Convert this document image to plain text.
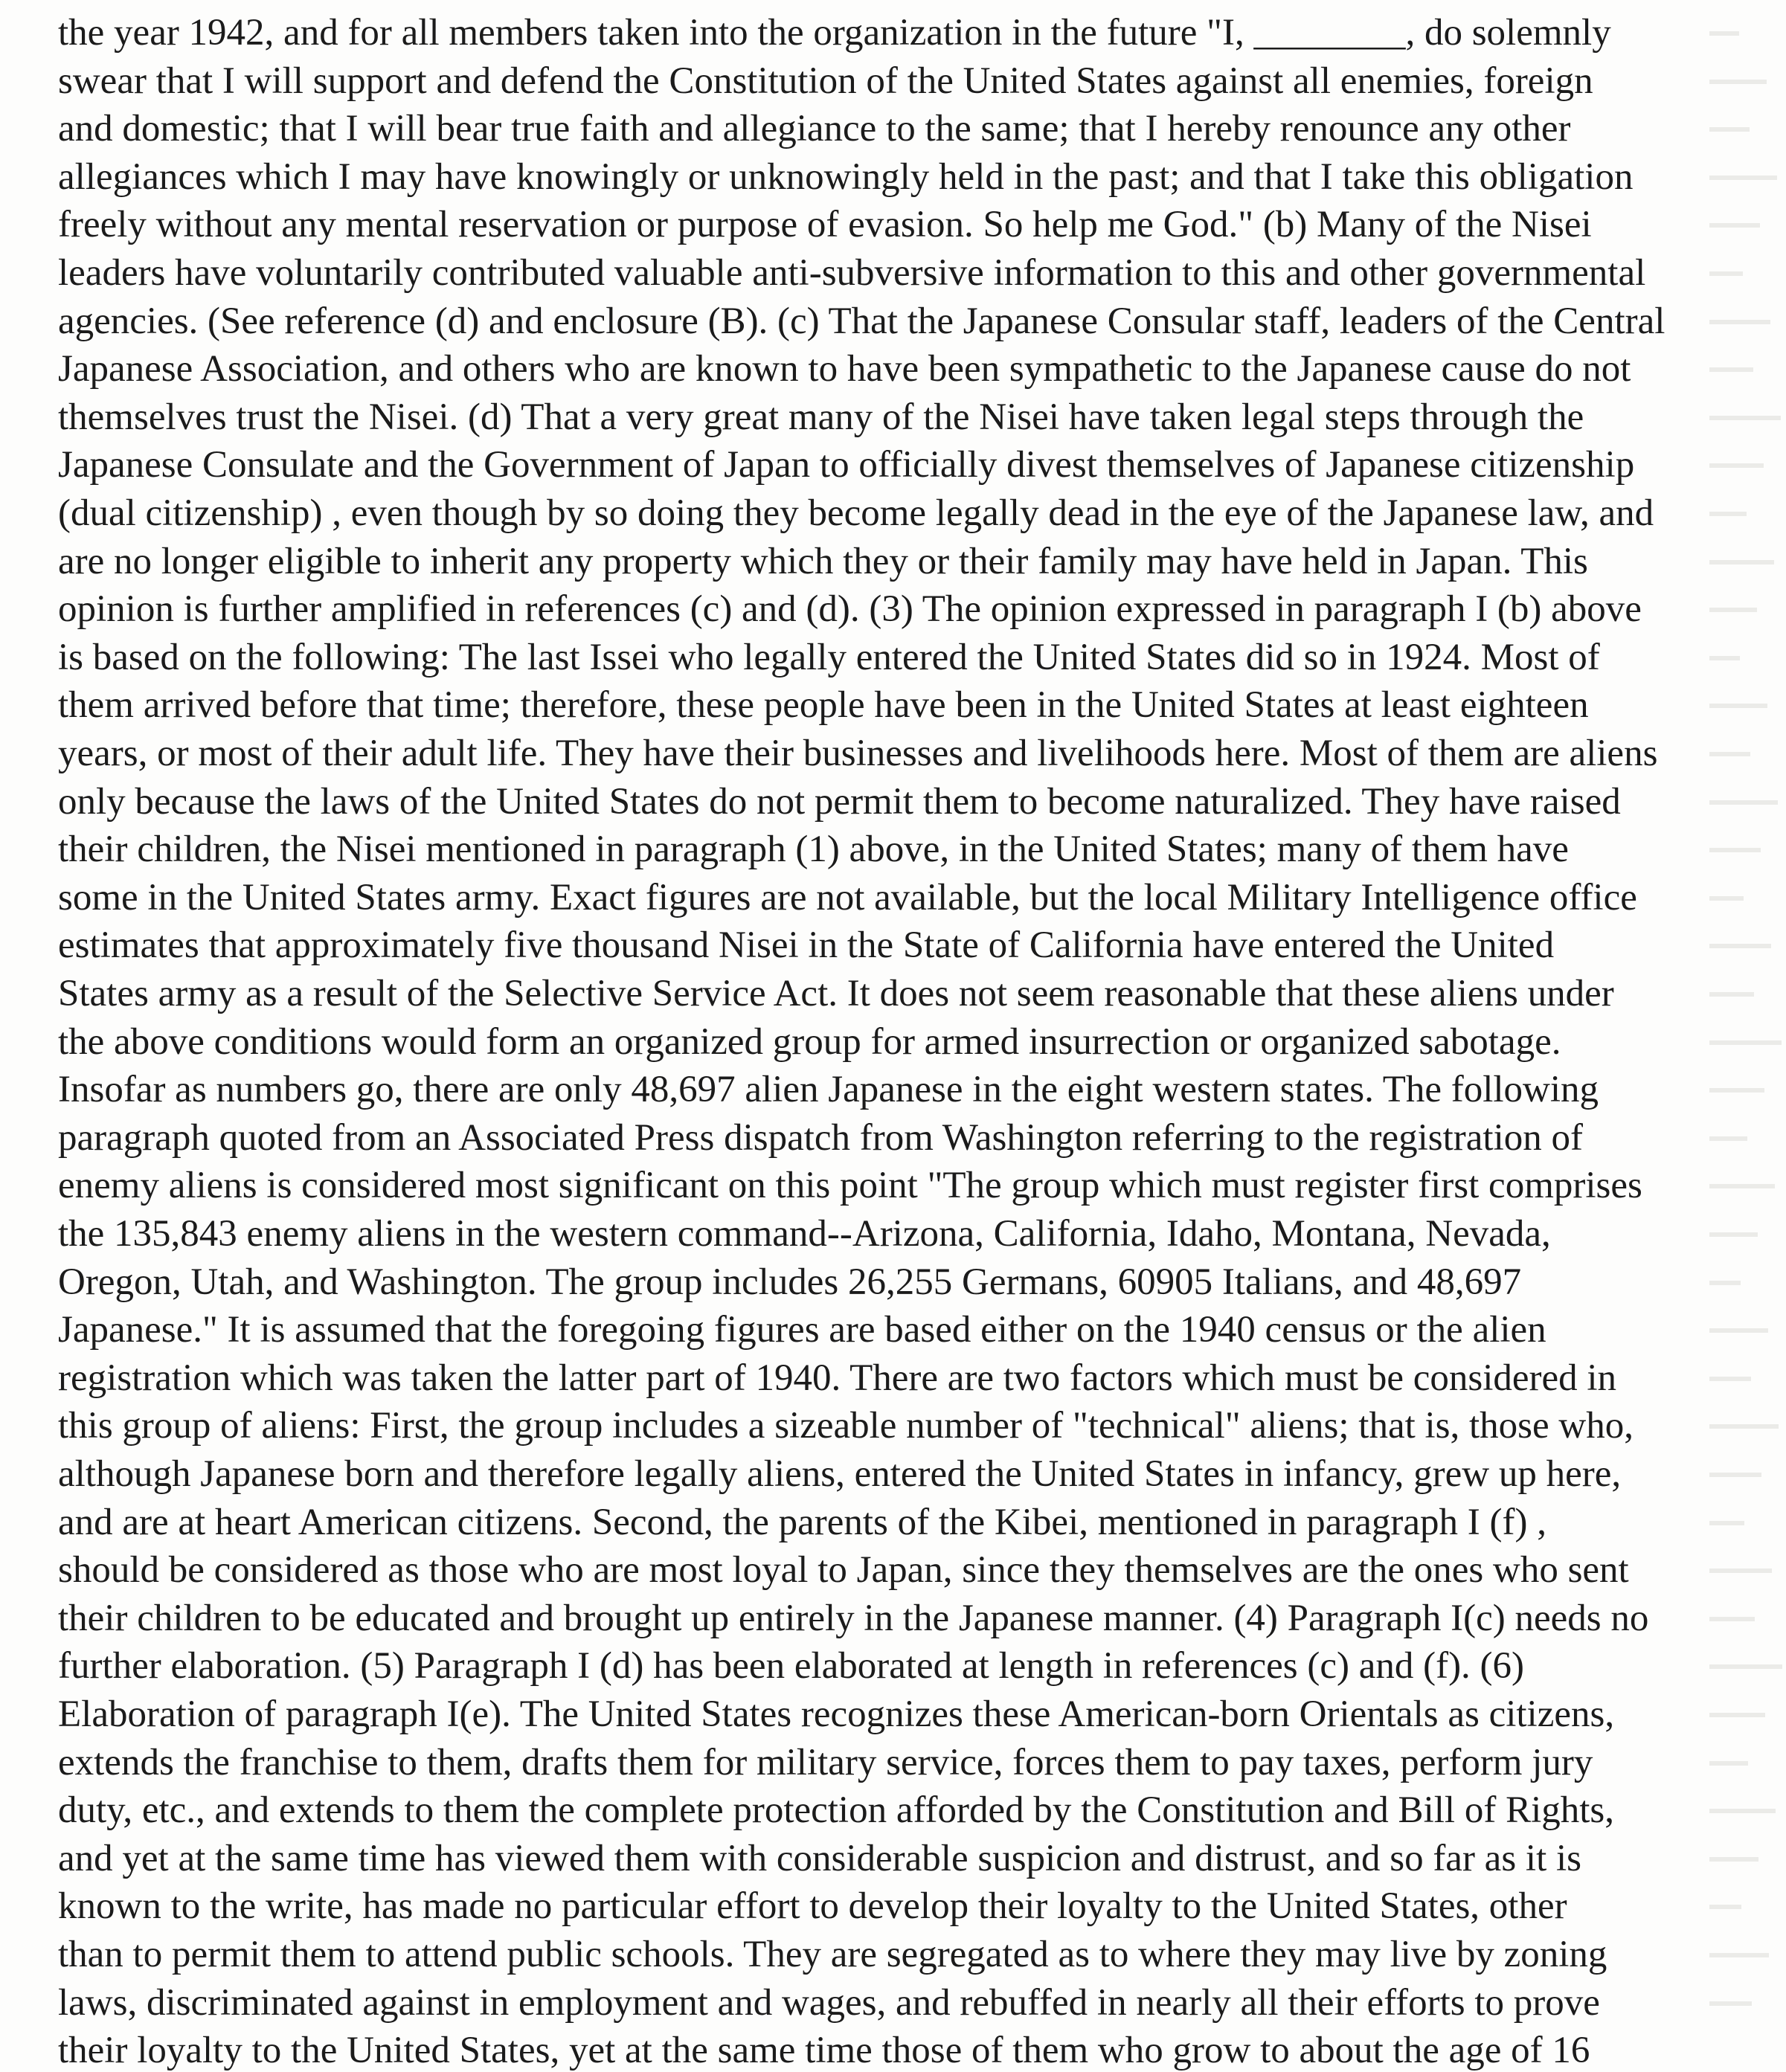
the year 1942, and for all members taken into the organization in the future "I, ________, do solemnly
swear that I will support and defend the Constitution of the United States against all enemies, foreign
and domestic; that I will bear true faith and allegiance to the same; that I hereby renounce any other
allegiances which I may have knowingly or unknowingly held in the past; and that I take this obligation
freely without any mental reservation or purpose of evasion. So help me God." (b) Many of the Nisei
leaders have voluntarily contributed valuable anti-subversive information to this and other governmental
agencies. (See reference (d) and enclosure (B). (c) That the Japanese Consular staff, leaders of the Central
Japanese Association, and others who are known to have been sympathetic to the Japanese cause do not
themselves trust the Nisei. (d) That a very great many of the Nisei have taken legal steps through the
Japanese Consulate and the Government of Japan to officially divest themselves of Japanese citizenship
(dual citizenship) , even though by so doing they become legally dead in the eye of the Japanese law, and
are no longer eligible to inherit any property which they or their family may have held in Japan. This
opinion is further amplified in references (c) and (d). (3) The opinion expressed in paragraph I (b) above
is based on the following: The last Issei who legally entered the United States did so in 1924. Most of
them arrived before that time; therefore, these people have been in the United States at least eighteen
years, or most of their adult life. They have their businesses and livelihoods here. Most of them are aliens
only because the laws of the United States do not permit them to become naturalized. They have raised
their children, the Nisei mentioned in paragraph (1) above, in the United States; many of them have
some in the United States army. Exact figures are not available, but the local Military Intelligence office
estimates that approximately five thousand Nisei in the State of California have entered the United
States army as a result of the Selective Service Act. It does not seem reasonable that these aliens under
the above conditions would form an organized group for armed insurrection or organized sabotage.
Insofar as numbers go, there are only 48,697 alien Japanese in the eight western states. The following
paragraph quoted from an Associated Press dispatch from Washington referring to the registration of
enemy aliens is considered most significant on this point "The group which must register first comprises
the 135,843 enemy aliens in the western command--Arizona, California, Idaho, Montana, Nevada,
Oregon, Utah, and Washington. The group includes 26,255 Germans, 60905 Italians, and 48,697
Japanese." It is assumed that the foregoing figures are based either on the 1940 census or the alien
registration which was taken the latter part of 1940. There are two factors which must be considered in
this group of aliens: First, the group includes a sizeable number of "technical" aliens; that is, those who,
although Japanese born and therefore legally aliens, entered the United States in infancy, grew up here,
and are at heart American citizens. Second, the parents of the Kibei, mentioned in paragraph I (f) ,
should be considered as those who are most loyal to Japan, since they themselves are the ones who sent
their children to be educated and brought up entirely in the Japanese manner. (4) Paragraph I(c) needs no
further elaboration. (5) Paragraph I (d) has been elaborated at length in references (c) and (f). (6)
Elaboration of paragraph I(e). The United States recognizes these American-born Orientals as citizens,
extends the franchise to them, drafts them for military service, forces them to pay taxes, perform jury
duty, etc., and extends to them the complete protection afforded by the Constitution and Bill of Rights,
and yet at the same time has viewed them with considerable suspicion and distrust, and so far as it is
known to the write, has made no particular effort to develop their loyalty to the United States, other
than to permit them to attend public schools. They are segregated as to where they may live by zoning
laws, discriminated against in employment and wages, and rebuffed in nearly all their efforts to prove
their loyalty to the United States, yet at the same time those of them who grow to about the age of 16
